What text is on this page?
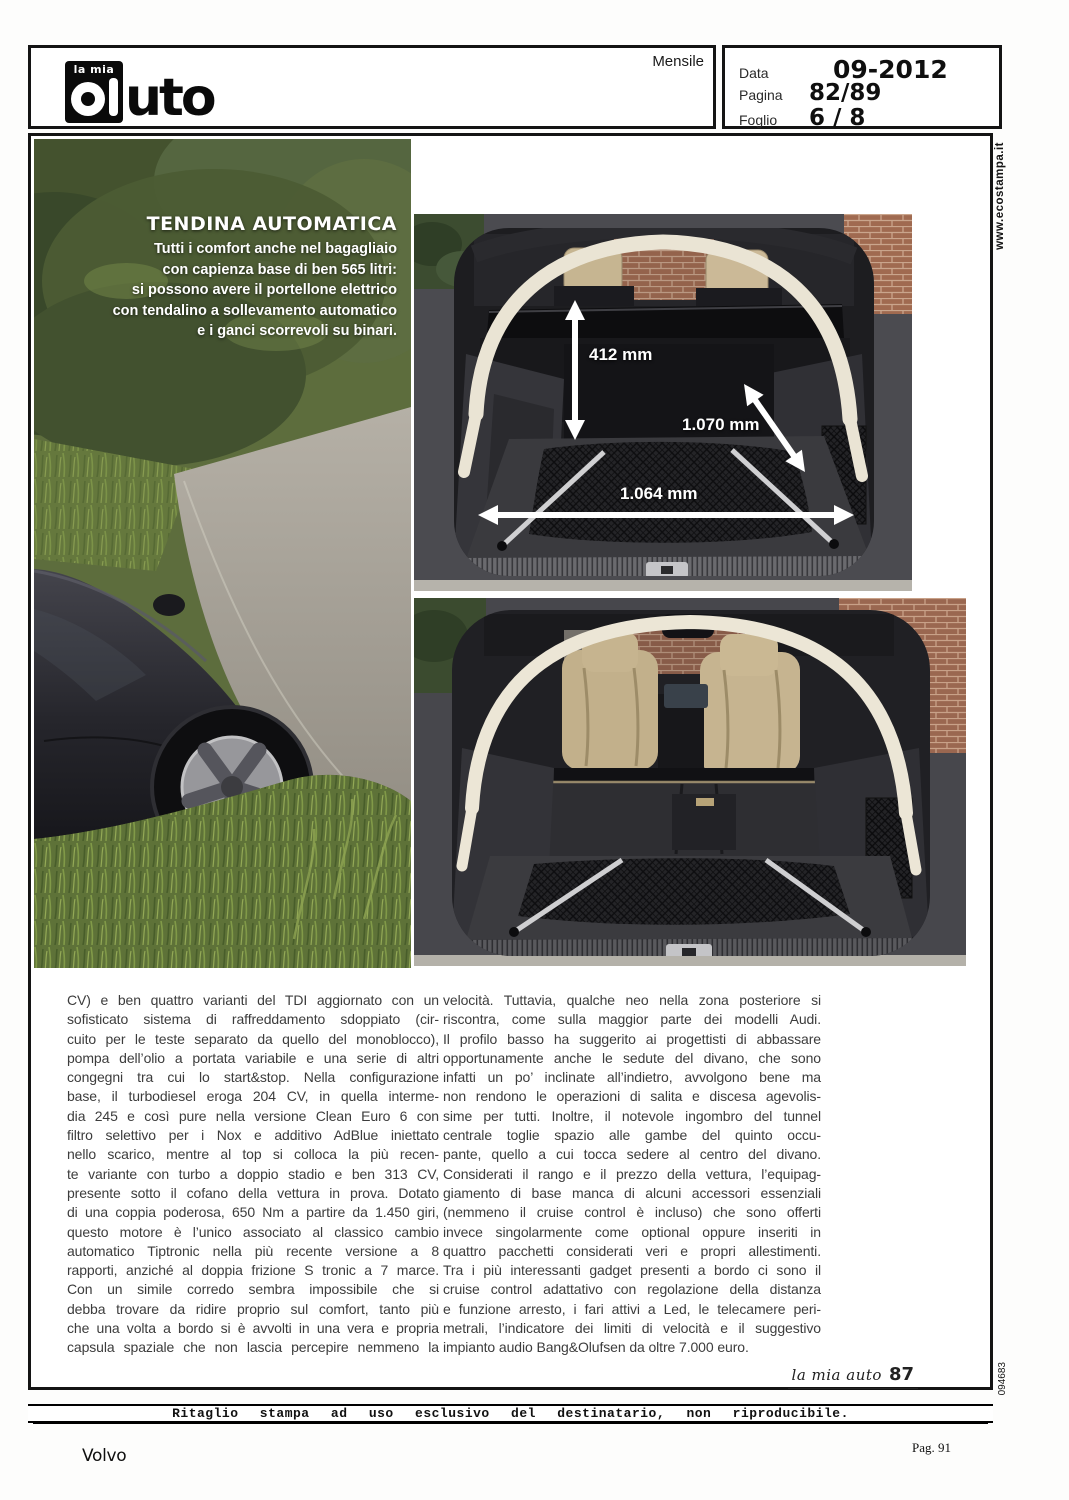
Mensile
la mia uto	Data	09-2012
Pagina	82/89
Foglio	6 / 8
www.ecostampa.it
094683
TENDINA AUTOMATICA
Tutti i comfort anche nel bagagliaio
con capienza base di ben 565 litri:
si possono avere il portellone elettrico
con tendalino a sollevamento automatico
e i ganci scorrevoli su binari.
412 mm
1.070 mm
1.064 mm
CV) e ben quattro varianti del TDI aggiornato con un
sofisticato sistema di raffreddamento sdoppiato (cir-
cuito per le teste separato da quello del monoblocco),
pompa dell’olio a portata variabile e una serie di altri
congegni tra cui lo start&stop. Nella configurazione
base, il turbodiesel eroga 204 CV, in quella interme-
dia 245 e così pure nella versione Clean Euro 6 con
filtro selettivo per i Nox e additivo AdBlue iniettato
nello scarico, mentre al top si colloca la più recen-
te variante con turbo a doppio stadio e ben 313 CV,
presente sotto il cofano della vettura in prova. Dotato
di una coppia poderosa, 650 Nm a partire da 1.450 giri,
questo motore è l’unico associato al classico cambio
automatico Tiptronic nella più recente versione a 8
rapporti, anziché al doppia frizione S tronic a 7 marce.
Con un simile corredo sembra impossibile che si
debba trovare da ridire proprio sul comfort, tanto più
che una volta a bordo si è avvolti in una vera e propria
capsula spaziale che non lascia percepire nemmeno la
velocità. Tuttavia, qualche neo nella zona posteriore si
riscontra, come sulla maggior parte dei modelli Audi.
Il profilo basso ha suggerito ai progettisti di abbassare
opportunamente anche le sedute del divano, che sono
infatti un po’ inclinate all’indietro, avvolgono bene ma
non rendono le operazioni di salita e discesa agevolis-
sime per tutti. Inoltre, il notevole ingombro del tunnel
centrale toglie spazio alle gambe del quinto occu-
pante, quello a cui tocca sedere al centro del divano.
Considerati il rango e il prezzo della vettura, l’equipag-
giamento di base manca di alcuni accessori essenziali
(nemmeno il cruise control è incluso) che sono offerti
invece singolarmente come optional oppure inseriti in
quattro pacchetti considerati veri e propri allestimenti.
Tra i più interessanti gadget presenti a bordo ci sono il
cruise control adattativo con regolazione della distanza
e funzione arresto, i fari attivi a Led, le telecamere peri-
metrali, l’indicatore dei limiti di velocità e il suggestivo
impianto audio Bang&Olufsen da oltre 7.000 euro.
la mia auto 87
Ritaglio stampa ad uso esclusivo del destinatario, non riproducibile.
Volvo	Pag. 91
